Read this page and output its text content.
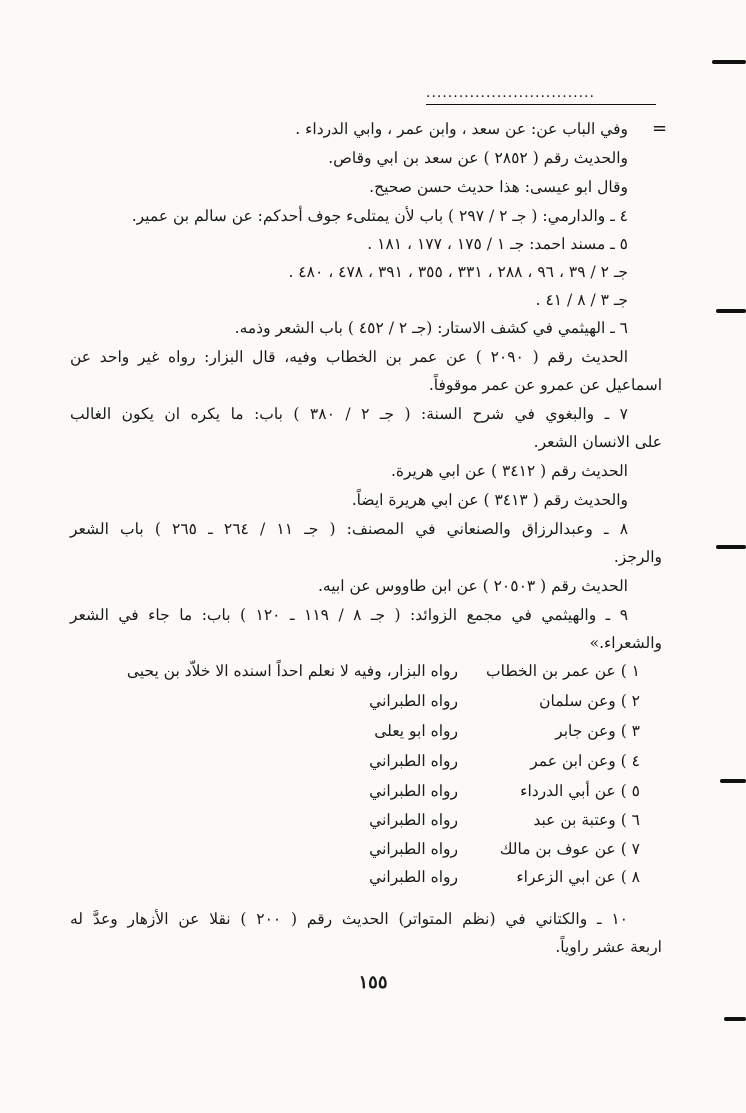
...............................
=
وفي الباب عن: عن سعد ، وابن عمر ، وابي الدرداء .
والحديث رقم ( ٢٨٥٢ ) عن سعد بن ابي وقاص.
وقال ابو عيسى: هذا حديث حسن صحيح.
٤ ـ والدارمي: ( جـ ٢ / ٢٩٧ ) باب لأن يمتلىء جوف أحدكم: عن سالم بن عمير.
٥ ـ مسند احمد: جـ ١ / ١٧٥ ، ١٧٧ ، ١٨١ .
جـ ٢ / ٣٩ ، ٩٦ ، ٢٨٨ ، ٣٣١ ، ٣٥٥ ، ٣٩١ ، ٤٧٨ ، ٤٨٠ .
جـ ٣ / ٨ / ٤١ .
٦ ـ الهيثمي في كشف الاستار: (جـ ٢ / ٤٥٢ ) باب الشعر وذمه.
الحديث رقم ( ٢٠٩٠ ) عن عمر بن الخطاب وفيه، قال البزار: رواه غير واحد عن
اسماعيل عن عمرو عن عمر موقوفاً.
٧ ـ والبغوي في شرح السنة: ( جـ ٢ / ٣٨٠ ) باب: ما يكره ان يكون الغالب
على الانسان الشعر.
الحديث رقم ( ٣٤١٢ ) عن ابي هريرة.
والحديث رقم ( ٣٤١٣ ) عن ابي هريرة ايضاً.
٨ ـ وعبدالرزاق والصنعاني في المصنف: ( جـ ١١ / ٢٦٤ ـ ٢٦٥ ) باب الشعر
والرجز.
الحديث رقم ( ٢٠٥٠٣ ) عن ابن طاووس عن ابيه.
٩ ـ والهيثمي في مجمع الزوائد: ( جـ ٨ / ١١٩ ـ ١٢٠ ) باب: ما جاء في الشعر
والشعراء.»
١ ) عن عمر بن الخطاب
رواه البزار، وفيه لا نعلم احداً اسنده الا خلاّد بن يحيى
٢ ) وعن سلمان
رواه الطبراني
٣ ) وعن جابر
رواه ابو يعلى
٤ ) وعن ابن عمر
رواه الطبراني
٥ ) عن أبي الدرداء
رواه الطبراني
٦ ) وعتبة بن عبد
رواه الطبراني
٧ ) عن عوف بن مالك
رواه الطبراني
٨ ) عن ابي الزعراء
رواه الطبراني
١٠ ـ والكتاني في (نظم المتواتر) الحديث رقم ( ٢٠٠ ) نقلا عن الأزهار وعدَّ له
اربعة عشر راوياً.
١٥٥
